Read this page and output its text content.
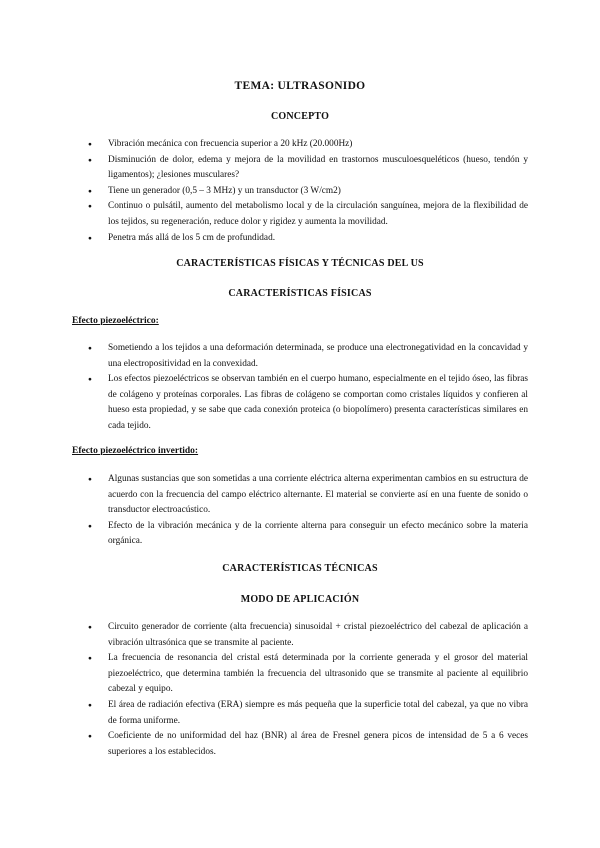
TEMA: ULTRASONIDO

CONCEPTO

● Vibración mecánica con frecuencia superior a 20 kHz (20.000Hz)
● Disminución de dolor, edema y mejora de la movilidad en trastornos musculoesqueléticos (hueso, tendón y ligamentos); ¿lesiones musculares?
● Tiene un generador (0,5 – 3 MHz) y un transductor (3 W/cm2)
● Continuo o pulsátil, aumento del metabolismo local y de la circulación sanguínea, mejora de la flexibilidad de los tejidos, su regeneración, reduce dolor y rigidez y aumenta la movilidad.
● Penetra más allá de los 5 cm de profundidad.

CARACTERÍSTICAS FÍSICAS Y TÉCNICAS DEL US

CARACTERÍSTICAS FÍSICAS

Efecto piezoeléctrico:

● Sometiendo a los tejidos a una deformación determinada, se produce una electronegatividad en la concavidad y una electropositividad en la convexidad.
● Los efectos piezoeléctricos se observan también en el cuerpo humano, especialmente en el tejido óseo, las fibras de colágeno y proteínas corporales. Las fibras de colágeno se comportan como cristales líquidos y confieren al hueso esta propiedad, y se sabe que cada conexión proteica (o biopolímero) presenta características similares en cada tejido.

Efecto piezoeléctrico invertido:

● Algunas sustancias que son sometidas a una corriente eléctrica alterna experimentan cambios en su estructura de acuerdo con la frecuencia del campo eléctrico alternante. El material se convierte así en una fuente de sonido o transductor electroacústico.
● Efecto de la vibración mecánica y de la corriente alterna para conseguir un efecto mecánico sobre la materia orgánica.

CARACTERÍSTICAS TÉCNICAS

MODO DE APLICACIÓN

● Circuito generador de corriente (alta frecuencia) sinusoidal + cristal piezoeléctrico del cabezal de aplicación a vibración ultrasónica que se transmite al paciente.
● La frecuencia de resonancia del cristal está determinada por la corriente generada y el grosor del material piezoeléctrico, que determina también la frecuencia del ultrasonido que se transmite al paciente al equilibrio cabezal y equipo.
● El área de radiación efectiva (ERA) siempre es más pequeña que la superficie total del cabezal, ya que no vibra de forma uniforme.
● Coeficiente de no uniformidad del haz (BNR) al área de Fresnel genera picos de intensidad de 5 a 6 veces superiores a los establecidos.
